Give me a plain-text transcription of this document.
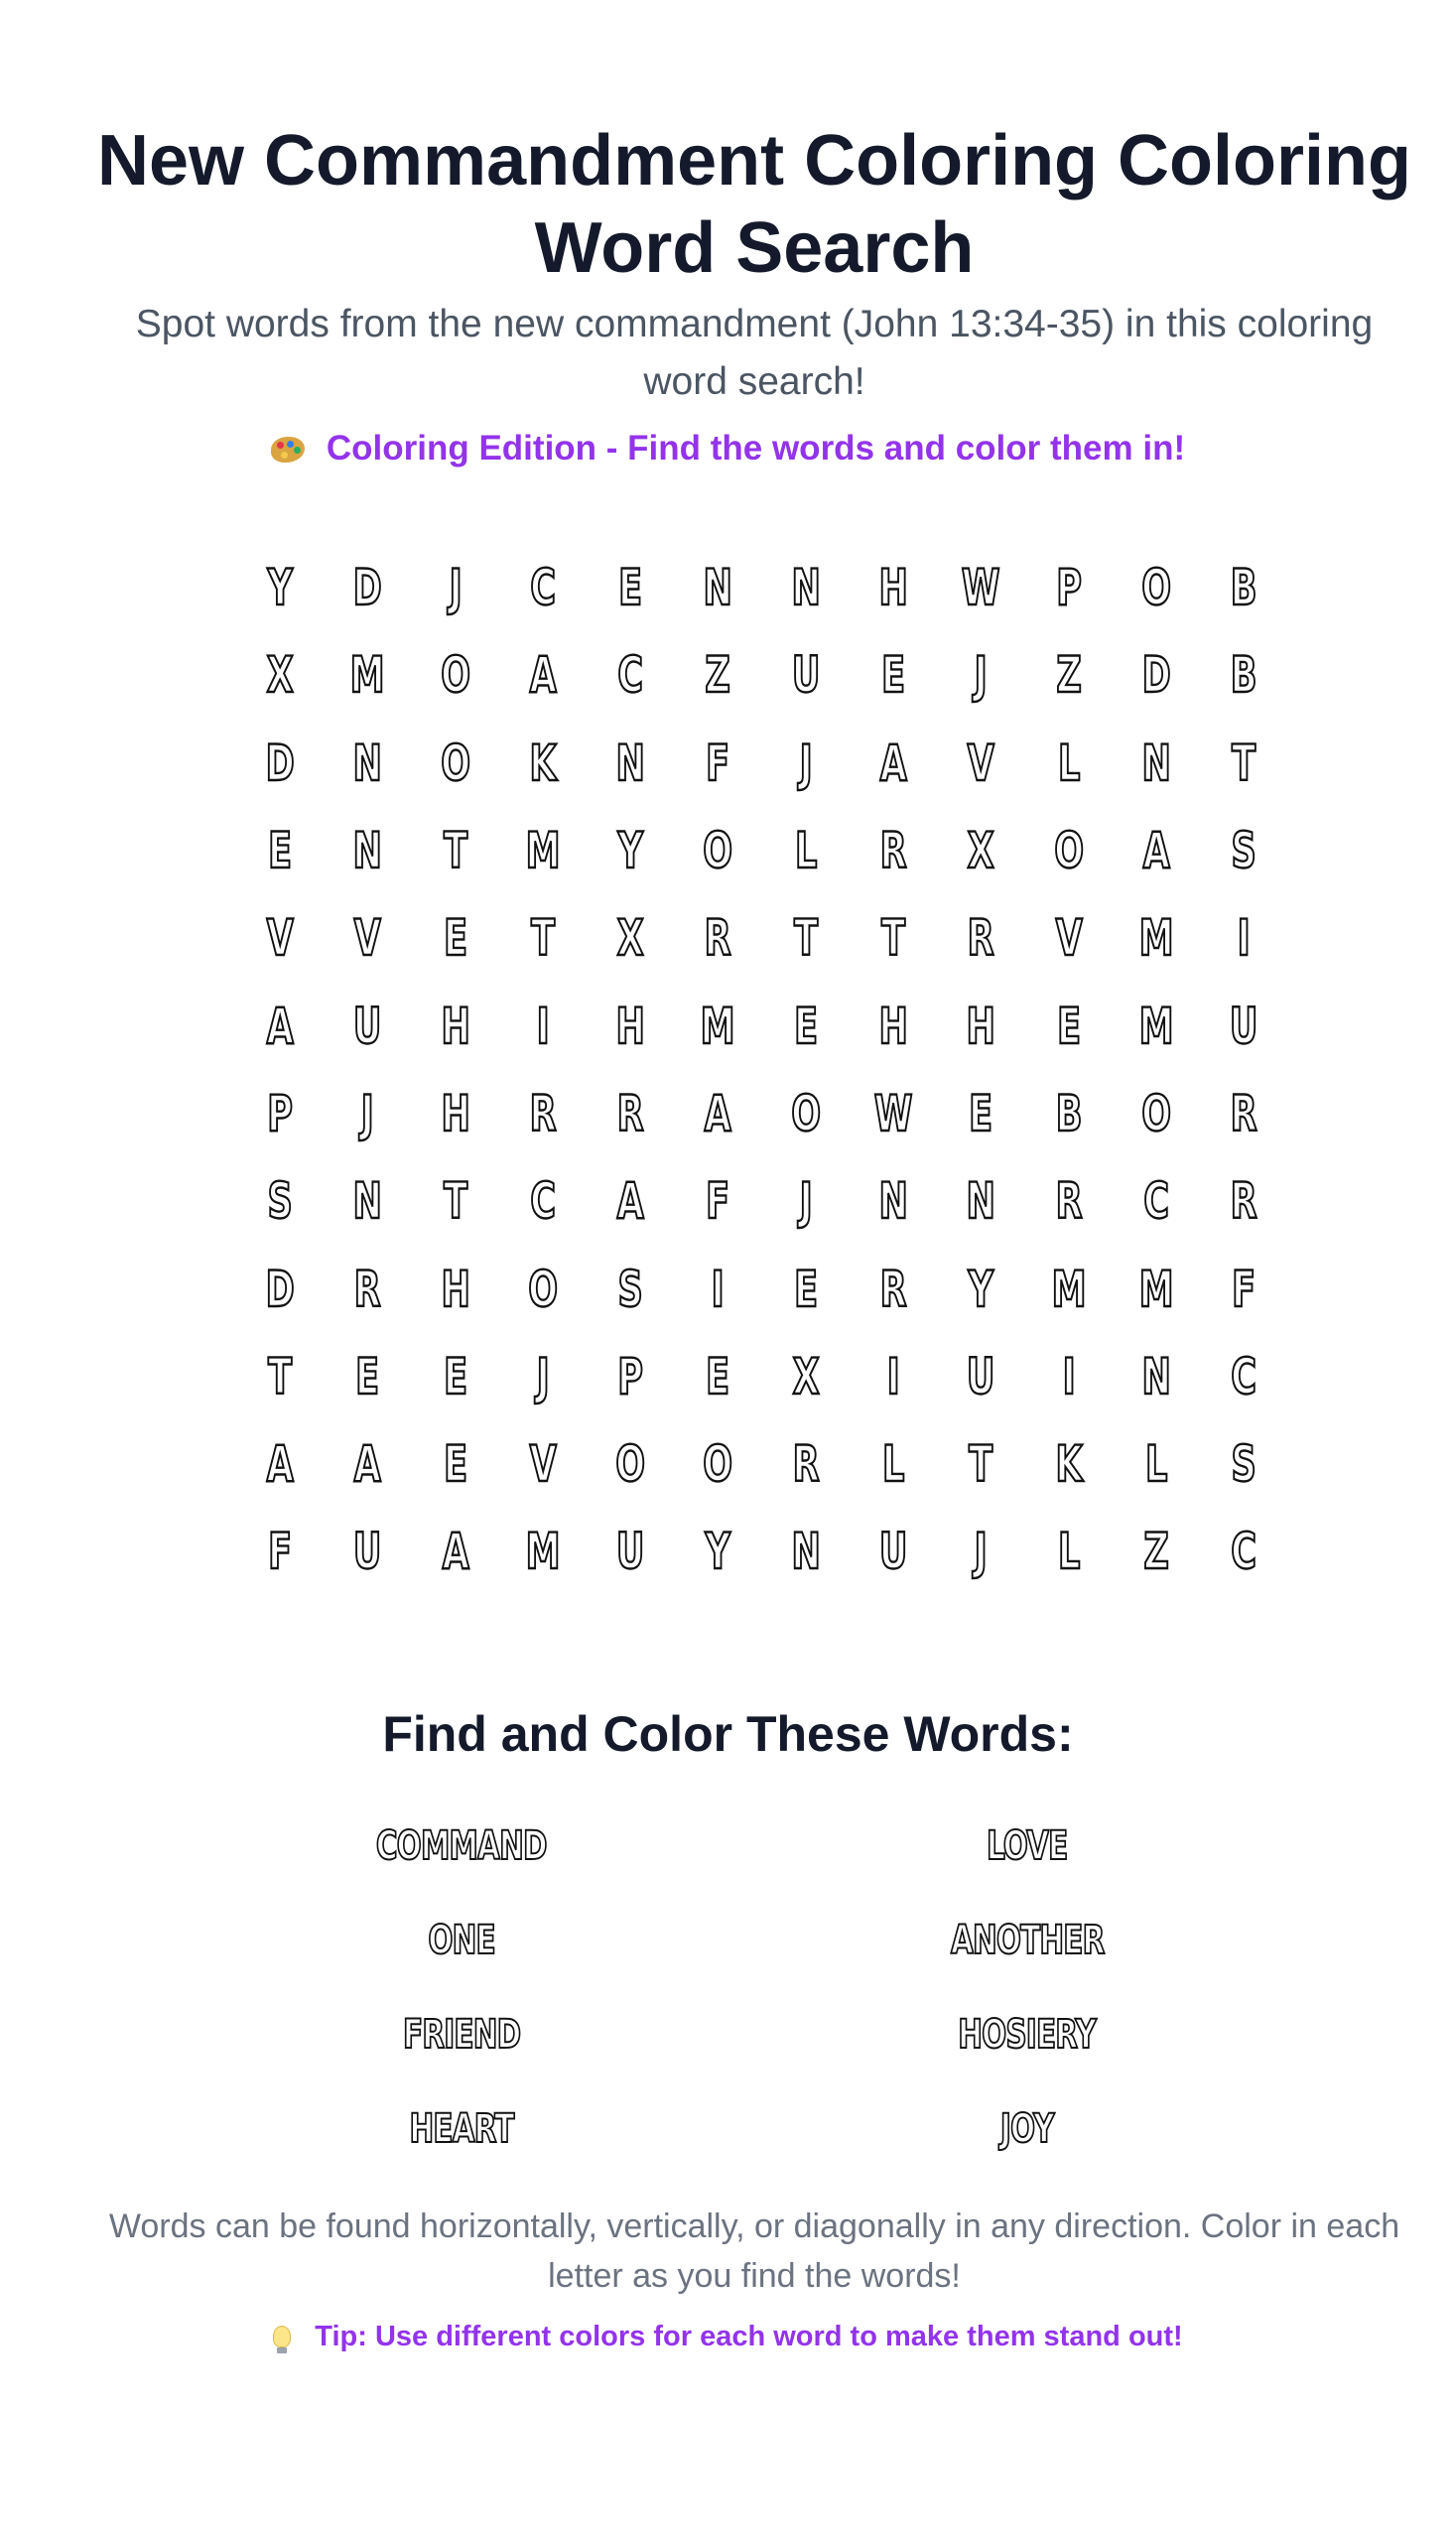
New Commandment Coloring Coloring Word Search

Spot words from the new commandment (John 13:34-35) in this coloring word search!

Coloring Edition - Find the words and color them in!
Y	D	J	C	E	N	N	H	W	P	O	B
X	M	O	A	C	Z	U	E	J	Z	D	B
D	N	O	K	N	F	J	A	V	L	N	T
E	N	T	M	Y	O	L	R	X	O	A	S
V	V	E	T	X	R	T	T	R	V	M	I
A	U	H	I	H	M	E	H	H	E	M	U
P	J	H	R	R	A	O	W	E	B	O	R
S	N	T	C	A	F	J	N	N	R	C	R
D	R	H	O	S	I	E	R	Y	M	M	F
T	E	E	J	P	E	X	I	U	I	N	C
A	A	E	V	O	O	R	L	T	K	L	S
F	U	A	M	U	Y	N	U	J	L	Z	C
Find and Color These Words:
COMMAND	LOVE
ONE	ANOTHER
FRIEND	HOSIERY
HEART	JOY

Words can be found horizontally, vertically, or diagonally in any direction. Color in each letter as you find the words!

Tip: Use different colors for each word to make them stand out!
